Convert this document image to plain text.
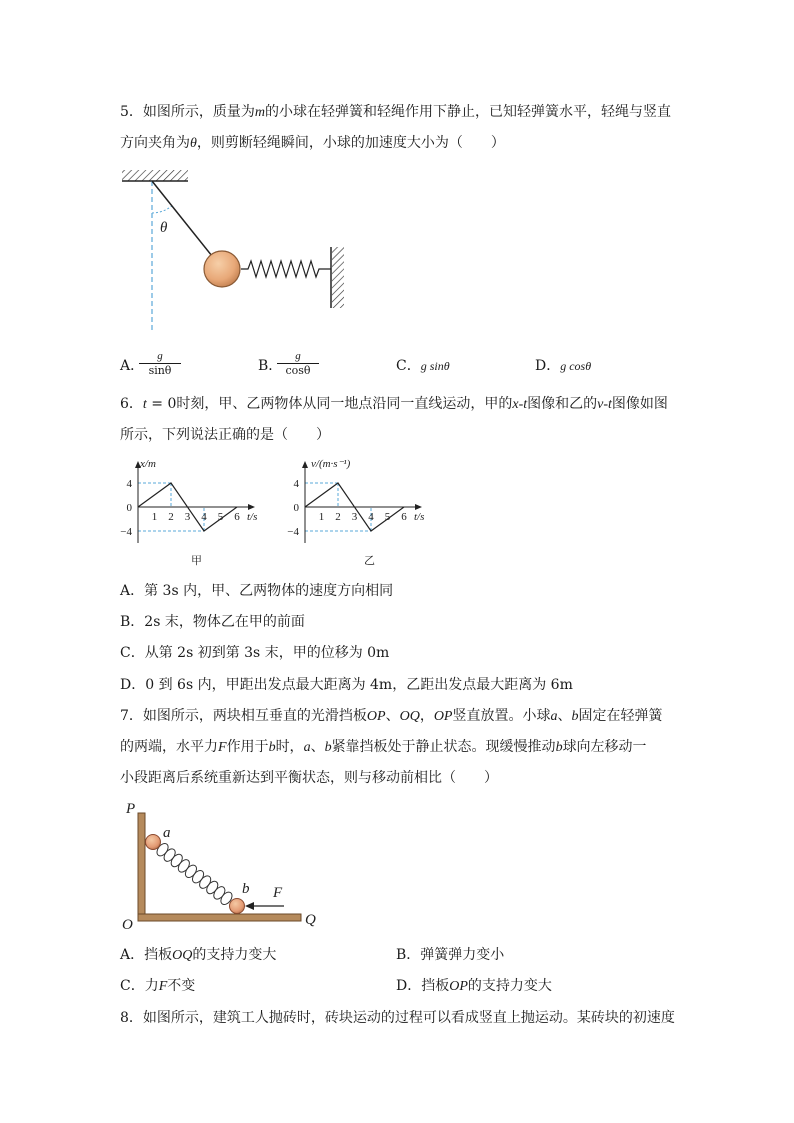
5．如图所示，质量为m的小球在轻弹簧和轻绳作用下静止，已知轻弹簧水平，轻绳与竖直
方向夹角为θ，则剪断轻绳瞬间，小球的加速度大小为（　　）
θ
A．
$\frac{g}{\sin\theta}$	B．
$\frac{g}{\cos\theta}$	C．g sinθ	D．g cosθ
6．t = 0时刻，甲、乙两物体从同一地点沿同一直线运动，甲的x-t图像和乙的v-t图像如图
所示，下列说法正确的是（　　）
x/m
甲
4
0
−4
1 2 3 4 5 6 t/s
v/(m·s⁻¹)
乙
4
0
−4
1 2 3 4 5 6 t/s
A．第 3s 内，甲、乙两物体的速度方向相同
B．2s 末，物体乙在甲的前面
C．从第 2s 初到第 3s 末，甲的位移为 0m
D．0 到 6s 内，甲距出发点最大距离为 4m，乙距出发点最大距离为 6m
7．如图所示，两块相互垂直的光滑挡板OP、OQ，OP竖直放置。小球a、b固定在轻弹簧
的两端，水平力F作用于b时，a、b紧靠挡板处于静止状态。现缓慢推动b球向左移动一
小段距离后系统重新达到平衡状态，则与移动前相比（　　）
P
O	Q
a
b F
A．挡板OQ的支持力变大	B．弹簧弹力变小
C．力F不变	D．挡板OP的支持力变大
8．如图所示，建筑工人抛砖时，砖块运动的过程可以看成竖直上抛运动。某砖块的初速度
